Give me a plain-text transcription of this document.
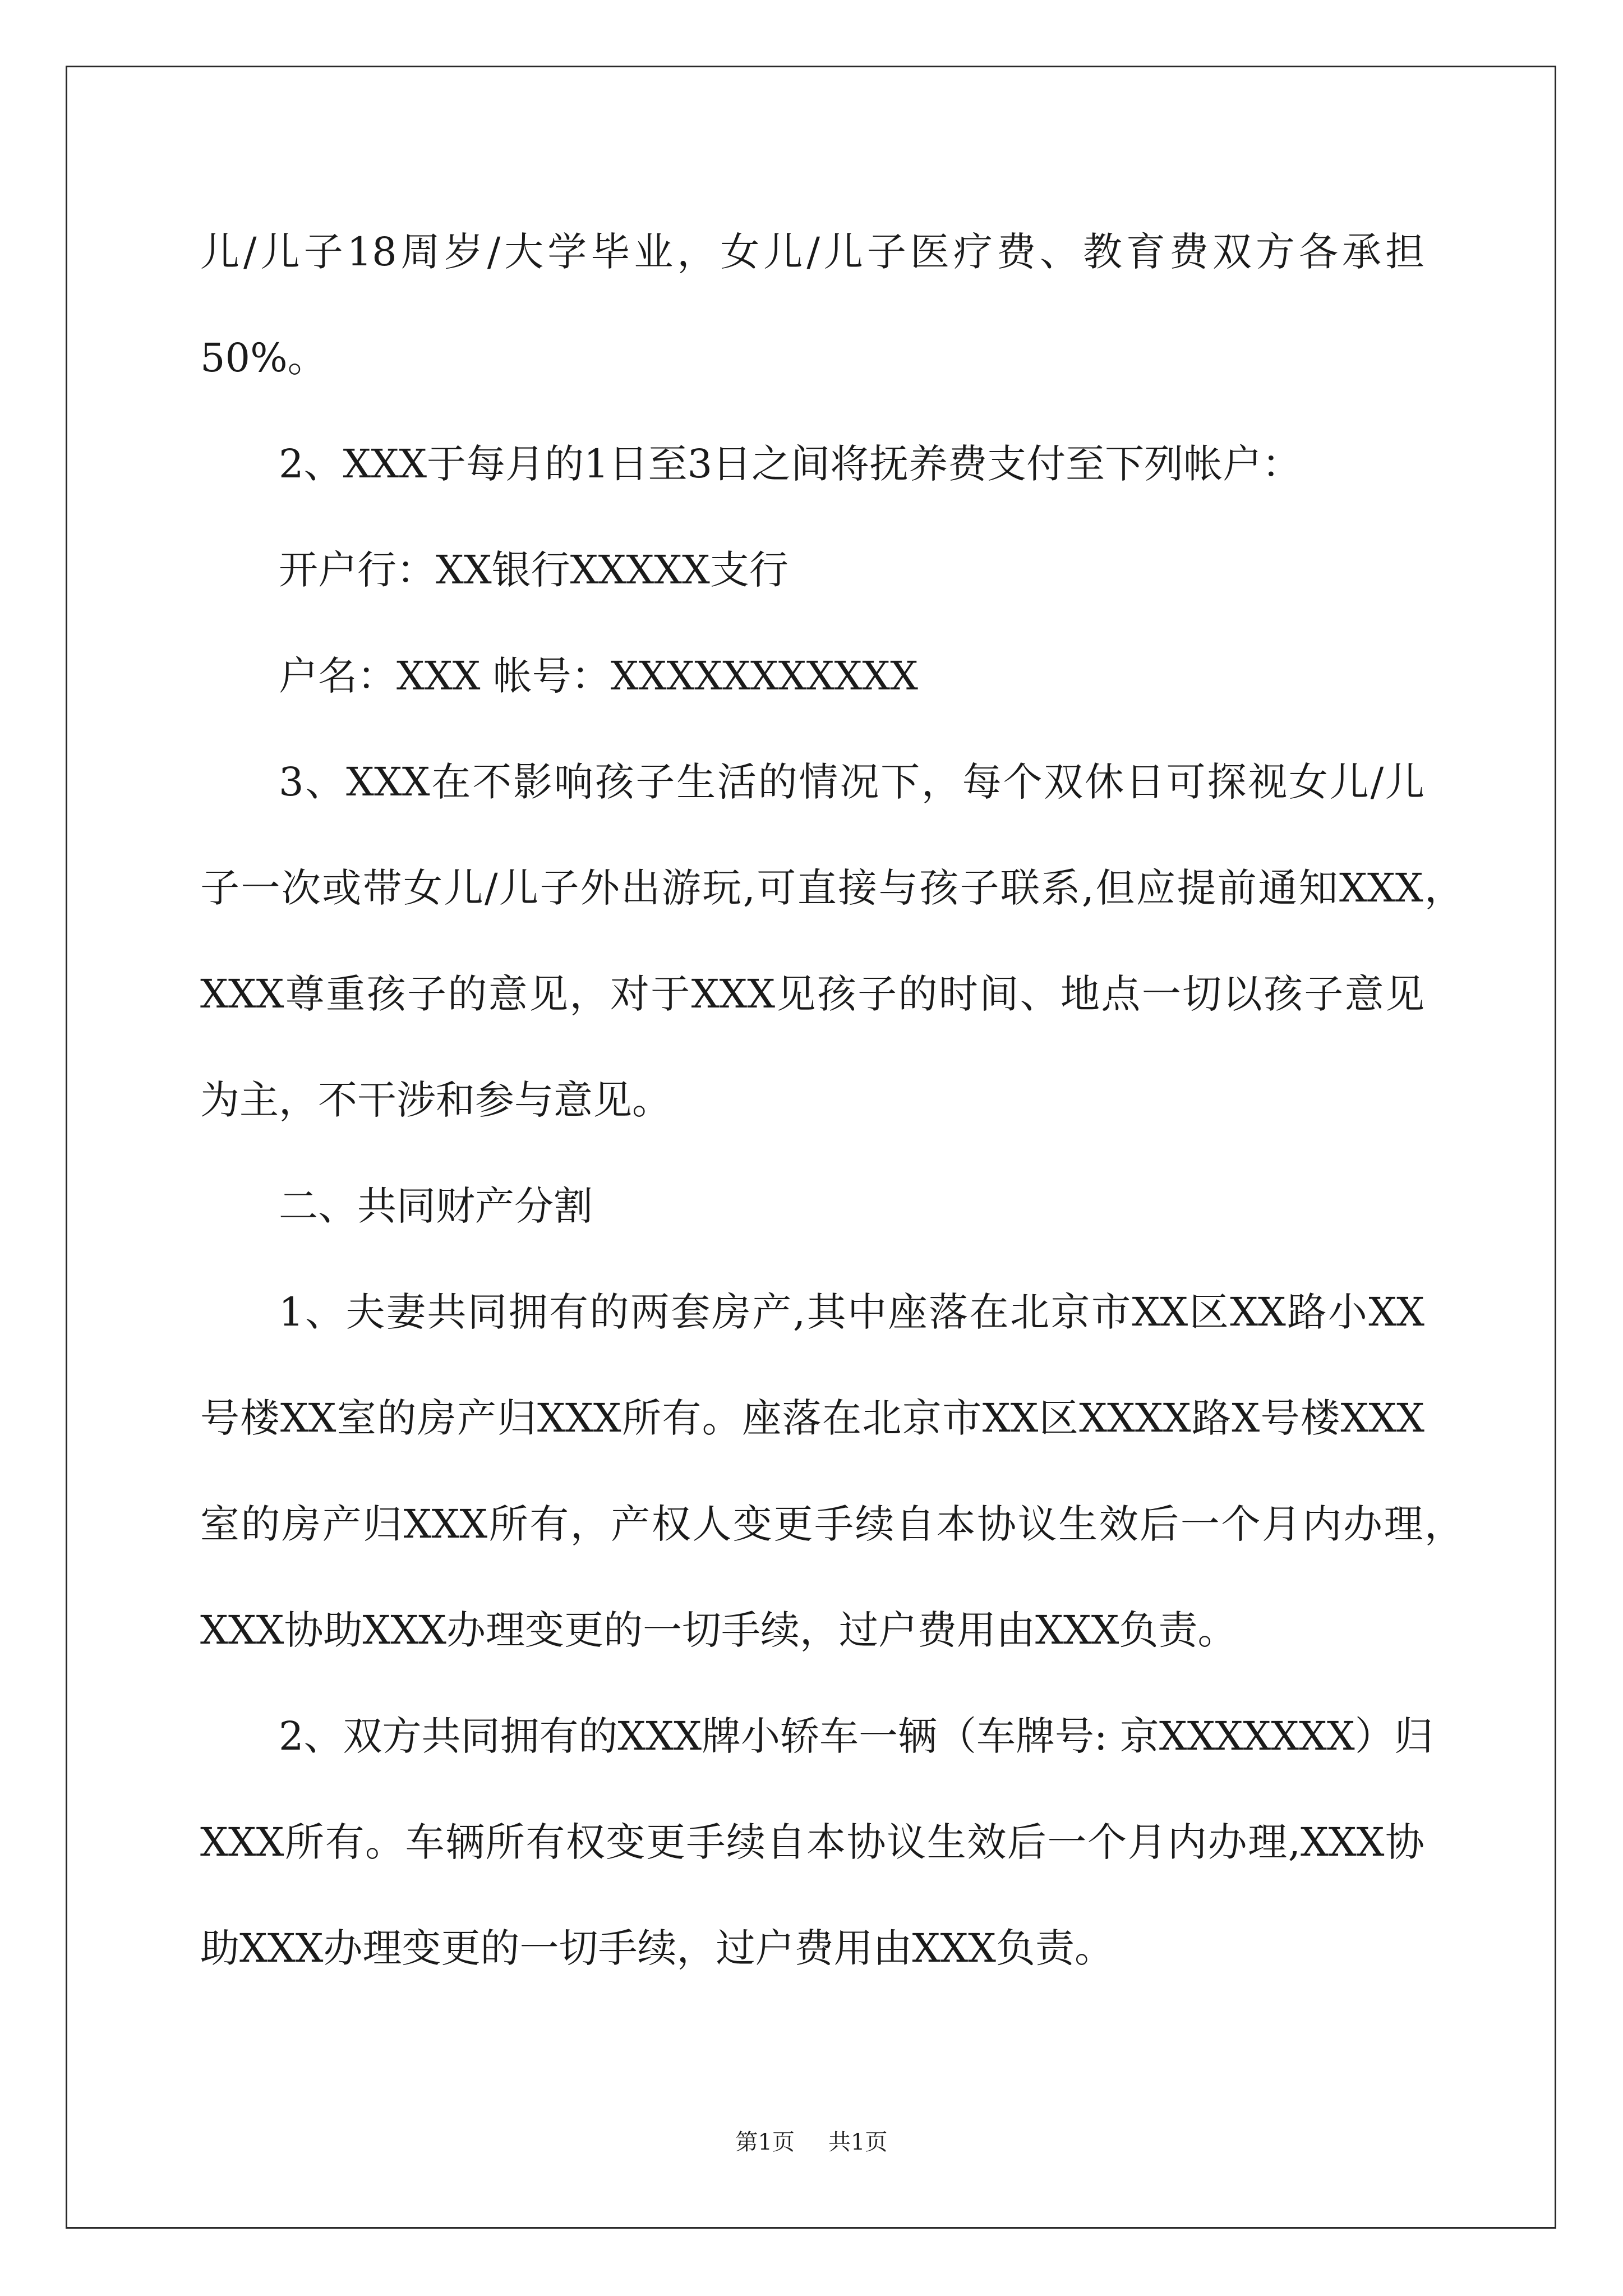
儿/儿子18周岁/大学毕业，女儿/儿子医疗费、教育费双方各承担
50%。
2、XXX于每月的1日至3日之间将抚养费支付至下列帐户：
开户行：XX银行XXXXX支行
户名：XXX 帐号：XXXXXXXXXXX
3、XXX在不影响孩子生活的情况下，每个双休日可探视女儿/儿
子一次或带女儿/儿子外出游玩,可直接与孩子联系,但应提前通知XXX，
XXX尊重孩子的意见，对于XXX见孩子的时间、地点一切以孩子意见
为主，不干涉和参与意见。
二、共同财产分割
1、夫妻共同拥有的两套房产,其中座落在北京市XX区XX路小XX
号楼XX室的房产归XXX所有。座落在北京市XX区XXXX路X号楼XXX
室的房产归XXX所有，产权人变更手续自本协议生效后一个月内办理，
XXX协助XXX办理变更的一切手续，过户费用由XXX负责。
2、双方共同拥有的XXX牌小轿车一辆（车牌号: 京XXXXXXX）归
XXX所有。车辆所有权变更手续自本协议生效后一个月内办理,XXX协
助XXX办理变更的一切手续，过户费用由XXX负责。
第1页 共1页
